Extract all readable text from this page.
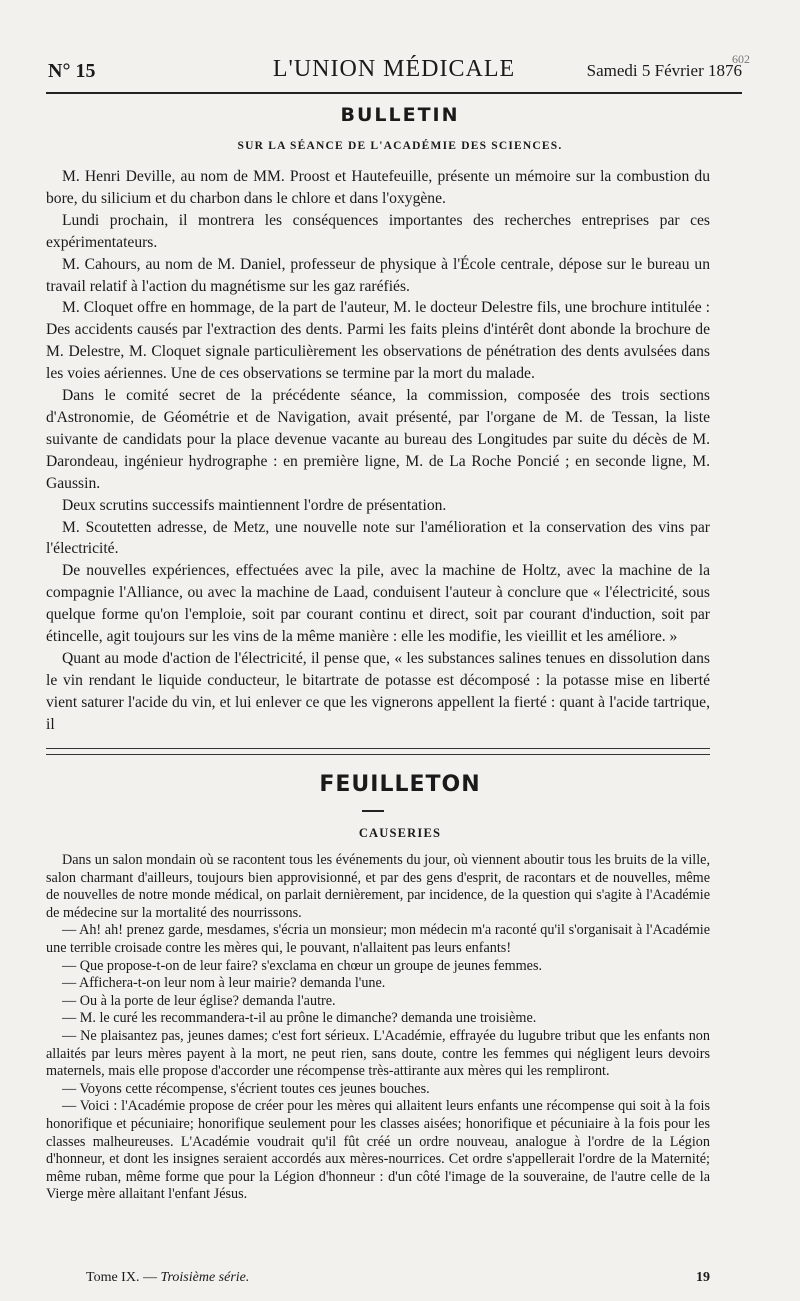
N° 15	L'UNION MÉDICALE	Samedi 5 Février 1876
602
BULLETIN
SUR LA SÉANCE DE L'ACADÉMIE DES SCIENCES.

M. Henri Deville, au nom de MM. Proost et Hautefeuille, présente un mémoire sur la combustion du bore, du silicium et du charbon dans le chlore et dans l'oxygène.

Lundi prochain, il montrera les conséquences importantes des recherches entreprises par ces expérimentateurs.

M. Cahours, au nom de M. Daniel, professeur de physique à l'École centrale, dépose sur le bureau un travail relatif à l'action du magnétisme sur les gaz raréfiés.

M. Cloquet offre en hommage, de la part de l'auteur, M. le docteur Delestre fils, une brochure intitulée : Des accidents causés par l'extraction des dents. Parmi les faits pleins d'intérêt dont abonde la brochure de M. Delestre, M. Cloquet signale particulièrement les observations de pénétration des dents avulsées dans les voies aériennes. Une de ces observations se termine par la mort du malade.

Dans le comité secret de la précédente séance, la commission, composée des trois sections d'Astronomie, de Géométrie et de Navigation, avait présenté, par l'organe de M. de Tessan, la liste suivante de candidats pour la place devenue vacante au bureau des Longitudes par suite du décès de M. Darondeau, ingénieur hydrographe : en première ligne, M. de La Roche Poncié ; en seconde ligne, M. Gaussin.

Deux scrutins successifs maintiennent l'ordre de présentation.

M. Scoutetten adresse, de Metz, une nouvelle note sur l'amélioration et la conservation des vins par l'électricité.

De nouvelles expériences, effectuées avec la pile, avec la machine de Holtz, avec la machine de la compagnie l'Alliance, ou avec la machine de Laad, conduisent l'auteur à conclure que « l'électricité, sous quelque forme qu'on l'emploie, soit par courant continu et direct, soit par courant d'induction, soit par étincelle, agit toujours sur les vins de la même manière : elle les modifie, les vieillit et les améliore. »

Quant au mode d'action de l'électricité, il pense que, « les substances salines tenues en dissolution dans le vin rendant le liquide conducteur, le bitartrate de potasse est décomposé : la potasse mise en liberté vient saturer l'acide du vin, et lui enlever ce que les vignerons appellent la fierté : quant à l'acide tartrique, il

FEUILLETON
CAUSERIES

Dans un salon mondain où se racontent tous les événements du jour, où viennent aboutir tous les bruits de la ville, salon charmant d'ailleurs, toujours bien approvisionné, et par des gens d'esprit, de racontars et de nouvelles, même de nouvelles de notre monde médical, on parlait dernièrement, par incidence, de la question qui s'agite à l'Académie de médecine sur la mortalité des nourrissons.

— Ah! ah! prenez garde, mesdames, s'écria un monsieur; mon médecin m'a raconté qu'il s'organisait à l'Académie une terrible croisade contre les mères qui, le pouvant, n'allaitent pas leurs enfants!

— Que propose-t-on de leur faire? s'exclama en chœur un groupe de jeunes femmes.

— Affichera-t-on leur nom à leur mairie? demanda l'une.

— Ou à la porte de leur église? demanda l'autre.

— M. le curé les recommandera-t-il au prône le dimanche? demanda une troisième.

— Ne plaisantez pas, jeunes dames; c'est fort sérieux. L'Académie, effrayée du lugubre tribut que les enfants non allaités par leurs mères payent à la mort, ne peut rien, sans doute, contre les femmes qui négligent leurs devoirs maternels, mais elle propose d'accorder une récompense très-attirante aux mères qui les rempliront.

— Voyons cette récompense, s'écrient toutes ces jeunes bouches.

— Voici : l'Académie propose de créer pour les mères qui allaitent leurs enfants une récompense qui soit à la fois honorifique et pécuniaire; honorifique seulement pour les classes aisées; honorifique et pécuniaire à la fois pour les classes malheureuses. L'Académie voudrait qu'il fût créé un ordre nouveau, analogue à l'ordre de la Légion d'honneur, et dont les insignes seraient accordés aux mères-nourrices. Cet ordre s'appellerait l'ordre de la Maternité; même ruban, même forme que pour la Légion d'honneur : d'un côté l'image de la souveraine, de l'autre celle de la Vierge mère allaitant l'enfant Jésus.

Tome IX. — Troisième série.	19
